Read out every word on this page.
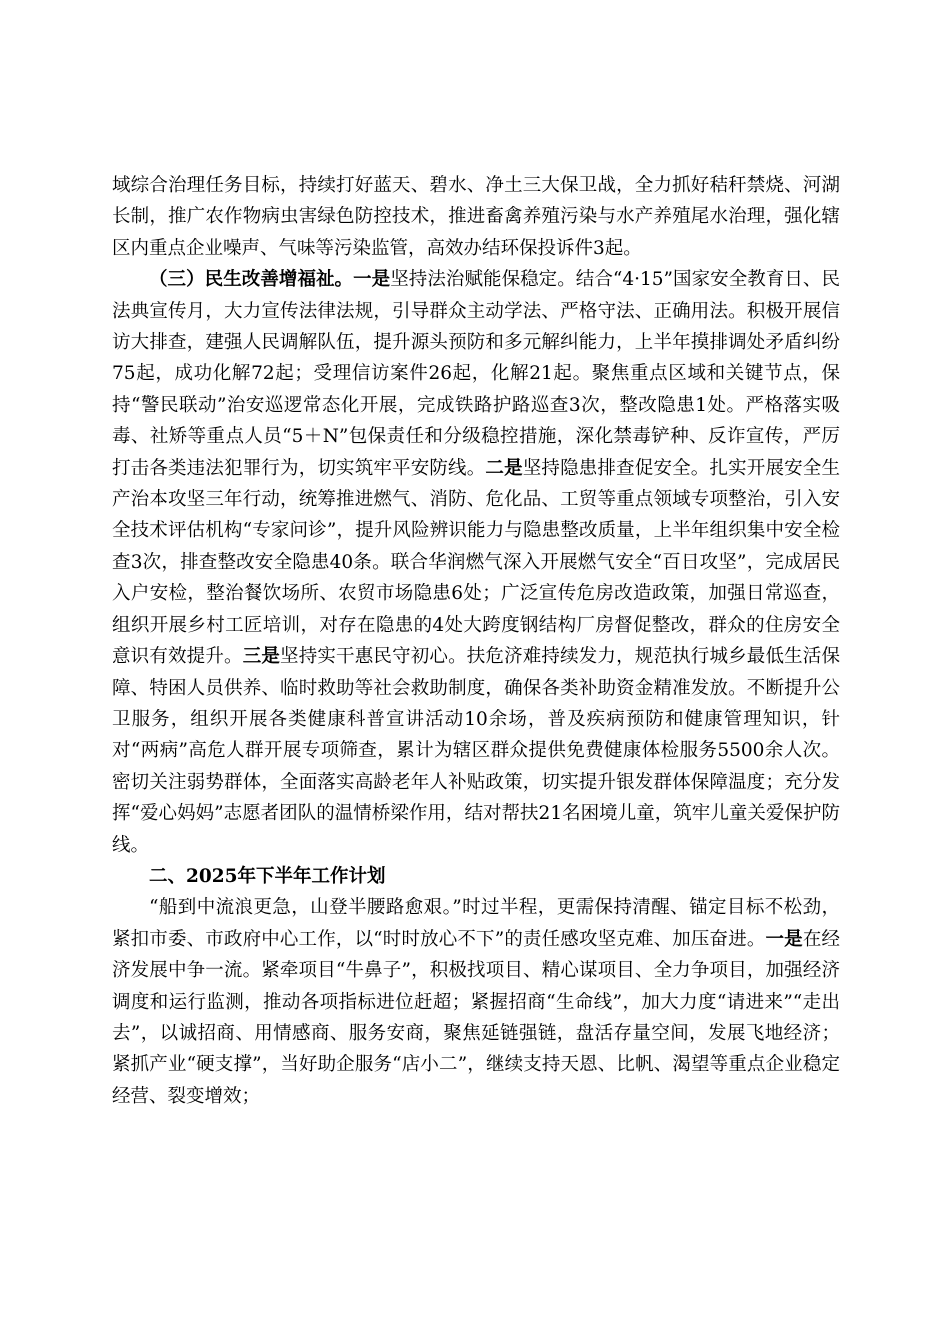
域综合治理任务目标，持续打好蓝天、碧水、净土三大保卫战，全力抓好秸秆禁烧、河湖长制，推广农作物病虫害绿色防控技术，推进畜禽养殖污染与水产养殖尾水治理，强化辖区内重点企业噪声、气味等污染监管，高效办结环保投诉件3起。

（三）民生改善增福祉。一是坚持法治赋能保稳定。结合“4·15”国家安全教育日、民法典宣传月，大力宣传法律法规，引导群众主动学法、严格守法、正确用法。积极开展信访大排查，建强人民调解队伍，提升源头预防和多元解纠能力，上半年摸排调处矛盾纠纷75起，成功化解72起；受理信访案件26起，化解21起。聚焦重点区域和关键节点，保持“警民联动”治安巡逻常态化开展，完成铁路护路巡查3次，整改隐患1处。严格落实吸毒、社矫等重点人员“5＋N”包保责任和分级稳控措施，深化禁毒铲种、反诈宣传，严厉打击各类违法犯罪行为，切实筑牢平安防线。二是坚持隐患排查促安全。扎实开展安全生产治本攻坚三年行动，统筹推进燃气、消防、危化品、工贸等重点领域专项整治，引入安全技术评估机构“专家问诊”，提升风险辨识能力与隐患整改质量，上半年组织集中安全检查3次，排查整改安全隐患40条。联合华润燃气深入开展燃气安全“百日攻坚”，完成居民入户安检，整治餐饮场所、农贸市场隐患6处；广泛宣传危房改造政策，加强日常巡查，组织开展乡村工匠培训，对存在隐患的4处大跨度钢结构厂房督促整改，群众的住房安全意识有效提升。三是坚持实干惠民守初心。扶危济难持续发力，规范执行城乡最低生活保障、特困人员供养、临时救助等社会救助制度，确保各类补助资金精准发放。不断提升公卫服务，组织开展各类健康科普宣讲活动10余场，普及疾病预防和健康管理知识，针对“两病”高危人群开展专项筛查，累计为辖区群众提供免费健康体检服务5500余人次。密切关注弱势群体，全面落实高龄老年人补贴政策，切实提升银发群体保障温度；充分发挥“爱心妈妈”志愿者团队的温情桥梁作用，结对帮扶21名困境儿童，筑牢儿童关爱保护防线。

二、2025年下半年工作计划

“船到中流浪更急，山登半腰路愈艰。”时过半程，更需保持清醒、锚定目标不松劲，紧扣市委、市政府中心工作，以“时时放心不下”的责任感攻坚克难、加压奋进。一是在经济发展中争一流。紧牵项目“牛鼻子”，积极找项目、精心谋项目、全力争项目，加强经济调度和运行监测，推动各项指标进位赶超；紧握招商“生命线”，加大力度“请进来”“走出去”，以诚招商、用情感商、服务安商，聚焦延链强链，盘活存量空间，发展飞地经济；紧抓产业“硬支撑”，当好助企服务“店小二”，继续支持天恩、比帆、渴望等重点企业稳定经营、裂变增效；
